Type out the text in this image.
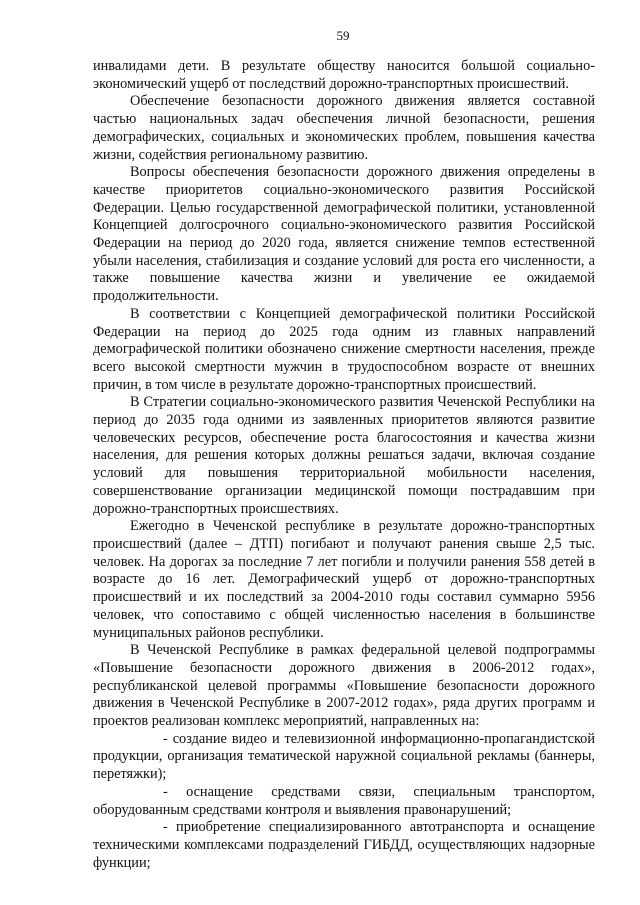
59

инвалидами дети. В результате обществу наносится большой социально-экономический ущерб от последствий дорожно-транспортных происшествий.

Обеспечение безопасности дорожного движения является составной частью национальных задач обеспечения личной безопасности, решения демографических, социальных и экономических проблем, повышения качества жизни, содействия региональному развитию.

Вопросы обеспечения безопасности дорожного движения определены в качестве приоритетов социально-экономического развития Российской Федерации. Целью государственной демографической политики, установленной Концепцией долгосрочного социально-экономического развития Российской Федерации на период до 2020 года, является снижение темпов естественной убыли населения, стабилизация и создание условий для роста его численности, а также повышение качества жизни и увеличение ее ожидаемой продолжительности.

В соответствии с Концепцией демографической политики Российской Федерации на период до 2025 года одним из главных направлений демографической политики обозначено снижение смертности населения, прежде всего высокой смертности мужчин в трудоспособном возрасте от внешних причин, в том числе в результате дорожно-транспортных происшествий.

В Стратегии социально-экономического развития Чеченской Республики на период до 2035 года одними из заявленных приоритетов являются развитие человеческих ресурсов, обеспечение роста благосостояния и качества жизни населения, для решения которых должны решаться задачи, включая создание условий для повышения территориальной мобильности населения, совершенствование организации медицинской помощи пострадавшим при дорожно-транспортных происшествиях.

Ежегодно в Чеченской республике в результате дорожно-транспортных происшествий (далее – ДТП) погибают и получают ранения свыше 2,5 тыс. человек. На дорогах за последние 7 лет погибли и получили ранения 558 детей в возрасте до 16 лет. Демографический ущерб от дорожно-транспортных происшествий и их последствий за 2004-2010 годы составил суммарно 5956 человек, что сопоставимо с общей численностью населения в большинстве муниципальных районов республики.

В Чеченской Республике в рамках федеральной целевой подпрограммы «Повышение безопасности дорожного движения в 2006-2012 годах», республиканской целевой программы «Повышение безопасности дорожного движения в Чеченской Республике в 2007-2012 годах», ряда других программ и проектов реализован комплекс мероприятий, направленных на:

- создание видео и телевизионной информационно-пропагандистской продукции, организация тематической наружной социальной рекламы (баннеры, перетяжки);

- оснащение средствами связи, специальным транспортом, оборудованным средствами контроля и выявления правонарушений;

- приобретение специализированного автотранспорта и оснащение техническими комплексами подразделений ГИБДД, осуществляющих надзорные функции;
